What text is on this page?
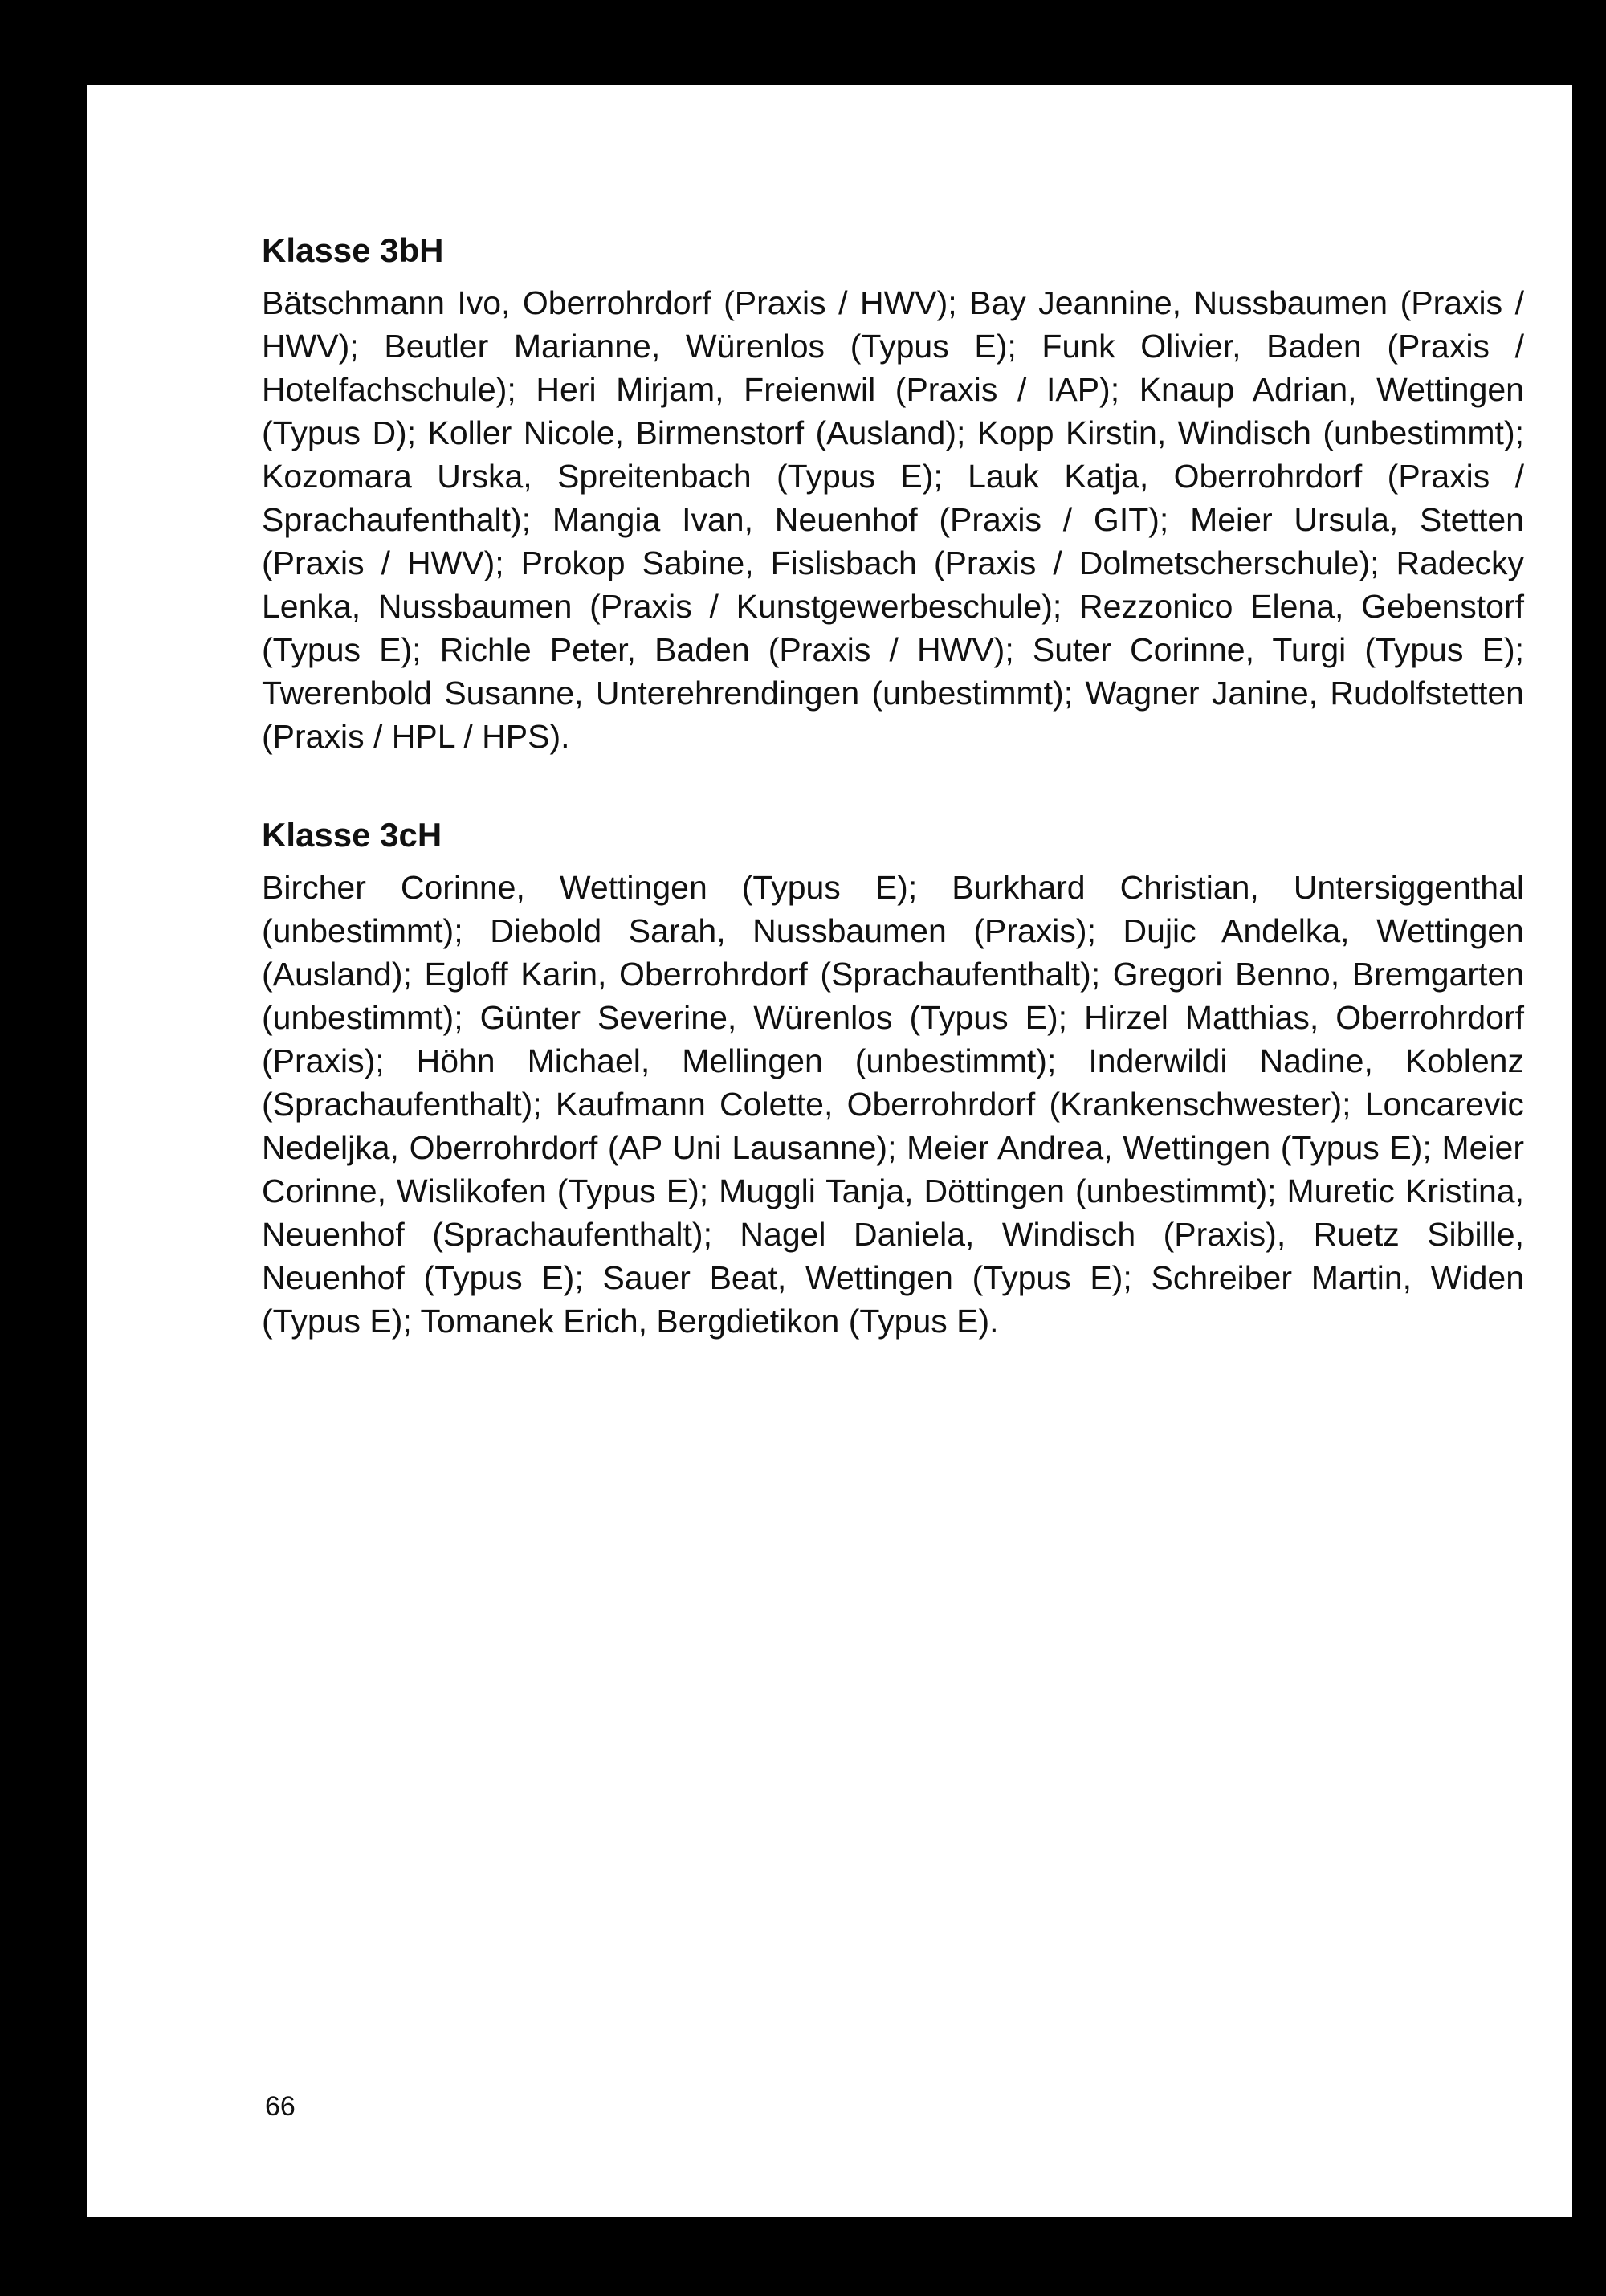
Klasse 3bH

Bätschmann Ivo, Oberrohrdorf (Praxis / HWV); Bay Jeannine, Nussbaumen (Praxis / HWV); Beutler Marianne, Würenlos (Typus E); Funk Olivier, Baden (Praxis / Hotelfachschule); Heri Mirjam, Freienwil (Praxis / IAP); Knaup Adrian, Wettingen (Typus D); Koller Nicole, Birmenstorf (Ausland); Kopp Kirstin, Windisch (unbestimmt); Kozomara Urska, Spreitenbach (Typus E); Lauk Katja, Oberrohrdorf (Praxis / Sprachaufenthalt); Mangia Ivan, Neuenhof (Praxis / GIT); Meier Ursula, Stetten (Praxis / HWV); Prokop Sabine, Fislisbach (Praxis / Dolmetscherschule); Radecky Lenka, Nussbaumen (Praxis / Kunstgewerbeschule); Rezzonico Elena, Gebenstorf (Typus E); Richle Peter, Baden (Praxis / HWV); Suter Corinne, Turgi (Typus E); Twerenbold Susanne, Unterehrendingen (unbestimmt); Wagner Janine, Rudolfstetten (Praxis / HPL / HPS).

Klasse 3cH

Bircher Corinne, Wettingen (Typus E); Burkhard Christian, Untersiggenthal (unbestimmt); Diebold Sarah, Nussbaumen (Praxis); Dujic Andelka, Wettingen (Ausland); Egloff Karin, Oberrohrdorf (Sprachaufenthalt); Gregori Benno, Bremgarten (unbestimmt); Günter Severine, Würenlos (Typus E); Hirzel Matthias, Oberrohrdorf (Praxis); Höhn Michael, Mellingen (unbestimmt); Inderwildi Nadine, Koblenz (Sprachaufenthalt); Kaufmann Colette, Oberrohrdorf (Krankenschwester); Loncarevic Nedeljka, Oberrohrdorf (AP Uni Lausanne); Meier Andrea, Wettingen (Typus E); Meier Corinne, Wislikofen (Typus E); Muggli Tanja, Döttingen (unbestimmt); Muretic Kristina, Neuenhof (Sprachaufenthalt); Nagel Daniela, Windisch (Praxis), Ruetz Sibille, Neuenhof (Typus E); Sauer Beat, Wettingen (Typus E); Schreiber Martin, Widen (Typus E); Tomanek Erich, Bergdietikon (Typus E).

66
